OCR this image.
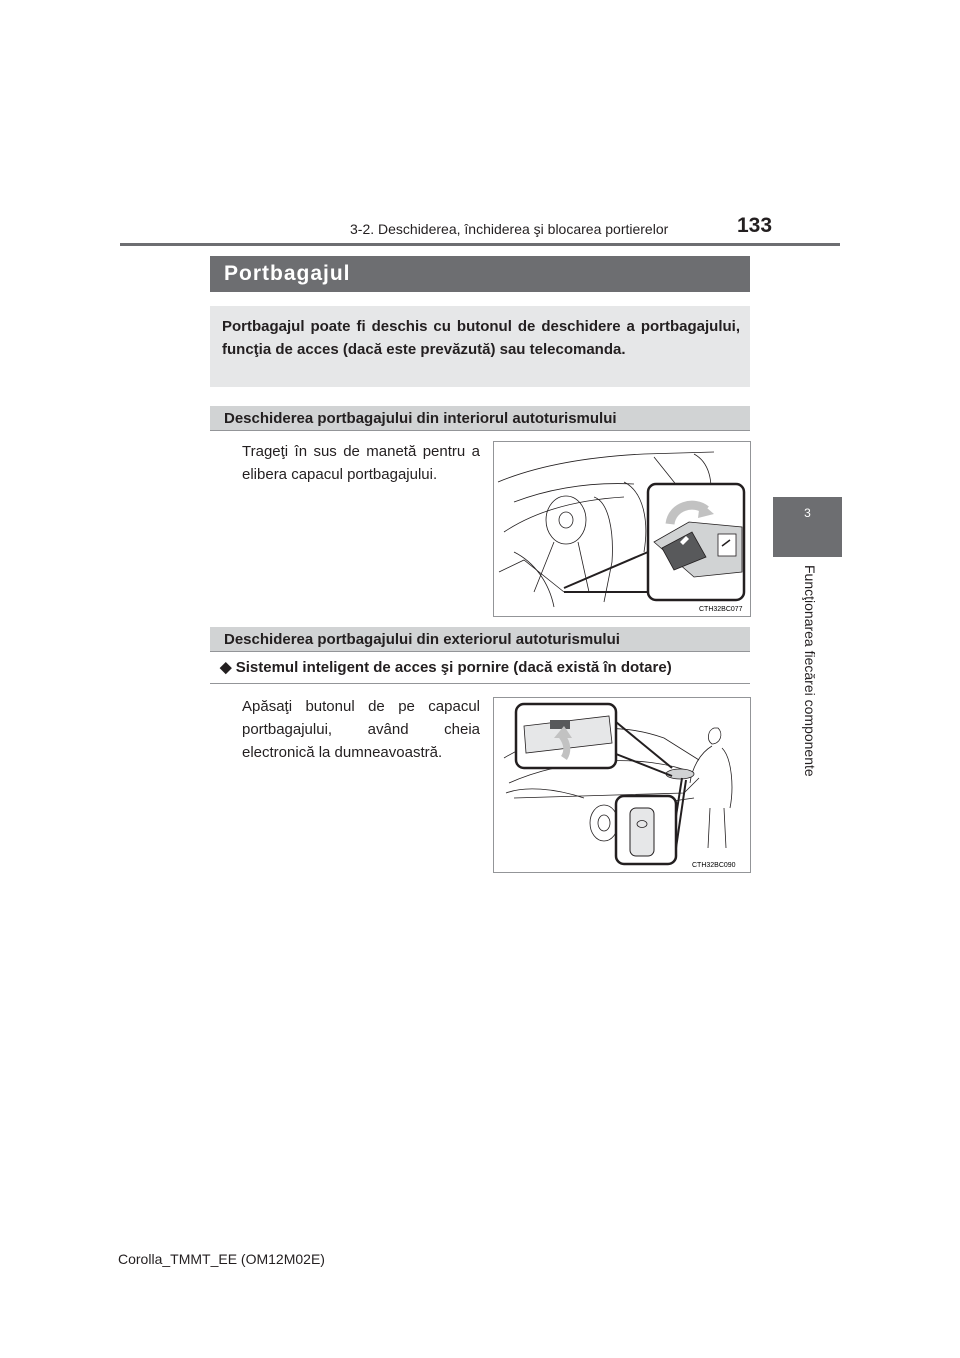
3-2. Deschiderea, închiderea şi blocarea portierelor	133
3
Funcţionarea fiecărei componente
Portbagajul
Portbagajul poate fi deschis cu butonul de deschidere a portbagajului, funcţia de acces (dacă este prevăzută) sau telecomanda.
Deschiderea portbagajului din interiorul autoturismului
Trageţi în sus de manetă pentru a elibera capacul portbagajului.
CTH32BC077
Deschiderea portbagajului din exteriorul autoturismului
◆ Sistemul inteligent de acces şi pornire (dacă există în dotare)
Apăsaţi butonul de pe capacul portbagajului, având cheia electronică la dumneavoastră.
CTH32BC090
Corolla_TMMT_EE (OM12M02E)
